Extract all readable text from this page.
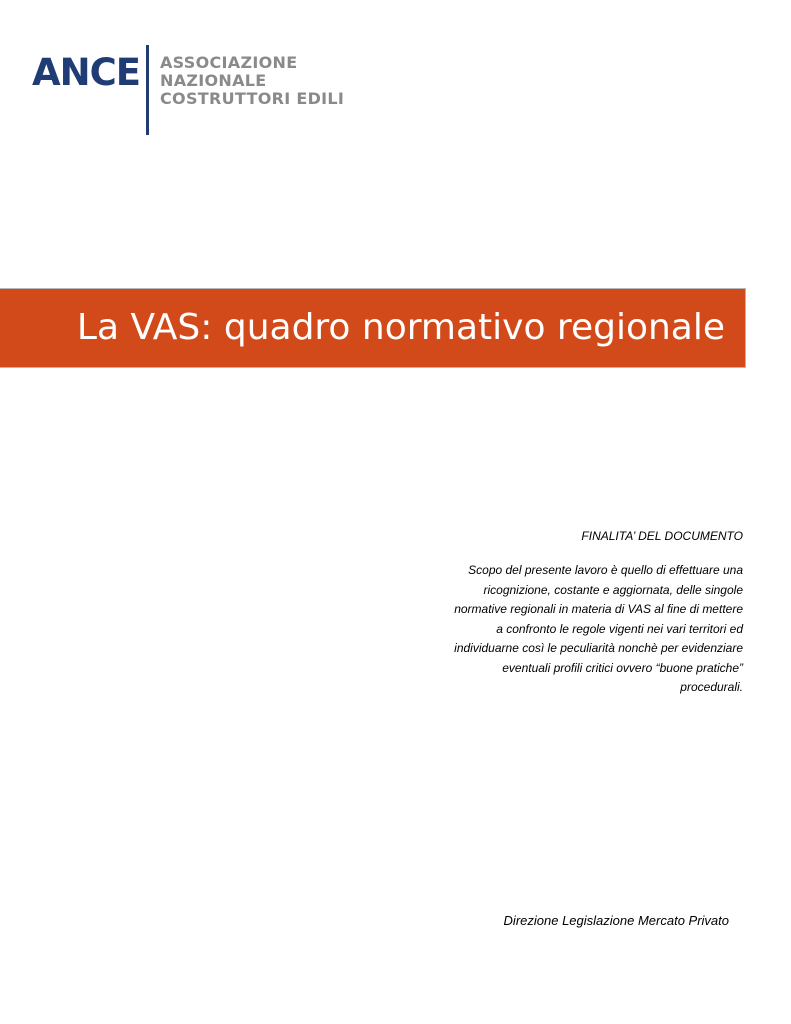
ANCE ASSOCIAZIONE NAZIONALE
COSTRUTTORI EDILI
La VAS: quadro normativo regionale
FINALITA’ DEL DOCUMENTO
Scopo del presente lavoro è quello di effettuare una
ricognizione, costante e aggiornata, delle singole
normative regionali in materia di VAS al fine di mettere
a confronto le regole vigenti nei vari territori ed
individuarne così le peculiarità nonchè per evidenziare
eventuali profili critici ovvero “buone pratiche”
procedurali.
Direzione Legislazione Mercato Privato
